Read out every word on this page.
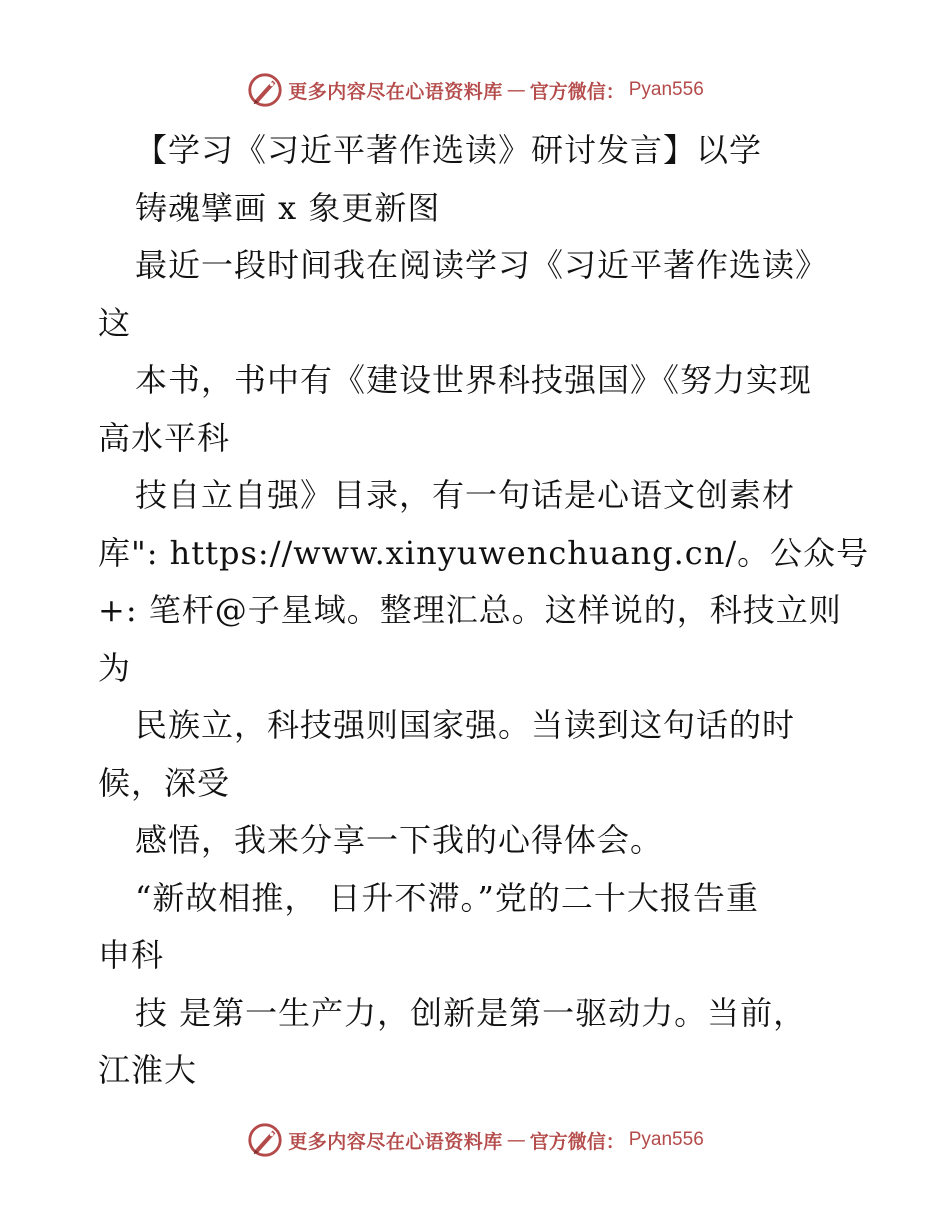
更多内容尽在心语资料库 — 官方微信： Pyan556
【学习《习近平著作选读》研讨发言】以学
铸魂擘画 x 象更新图
最近一段时间我在阅读学习《习近平著作选读》
这
本书，书中有《建设世界科技强国》《努力实现
高水平科
技自立自强》目录，有一句话是心语文创素材
库": https://www.xinyuwenchuang.cn/。公众号
+: 笔杆@子星域。整理汇总。这样说的，科技立则
为
民族立，科技强则国家强。当读到这句话的时
候，深受
感悟，我来分享一下我的心得体会。
“新故相推， 日升不滞。”党的二十大报告重
申科
技 是第一生产力，创新是第一驱动力。当前，
江淮大
更多内容尽在心语资料库 — 官方微信： Pyan556
